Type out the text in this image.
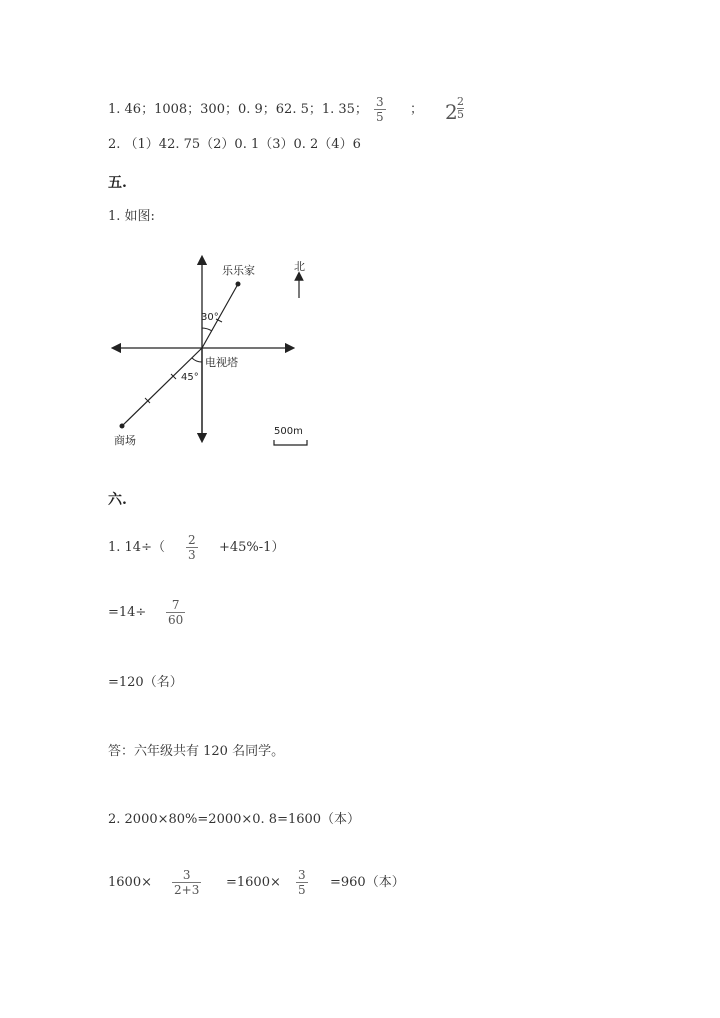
1. 46；1008；300；0. 9；62. 5；1. 35； $\frac{3}{5}$ ； $2 \frac{2}{5}$
2. （1）42. 75（2）0. 1（3）0. 2（4）6
五.
1. 如图:
乐乐家
电视塔
商场
30°
45°
北
500m
六.
1. $14\div( \frac{2}{3} +45\%-1)$
$=14\div \frac{7}{60}$
=120（名）
答：六年级共有 120 名同学。
2. 2000×80%=2000×0. 8=1600（本）
$1600\times \frac{3}{2+3} =1600\times \frac{3}{5} =960$（本）
